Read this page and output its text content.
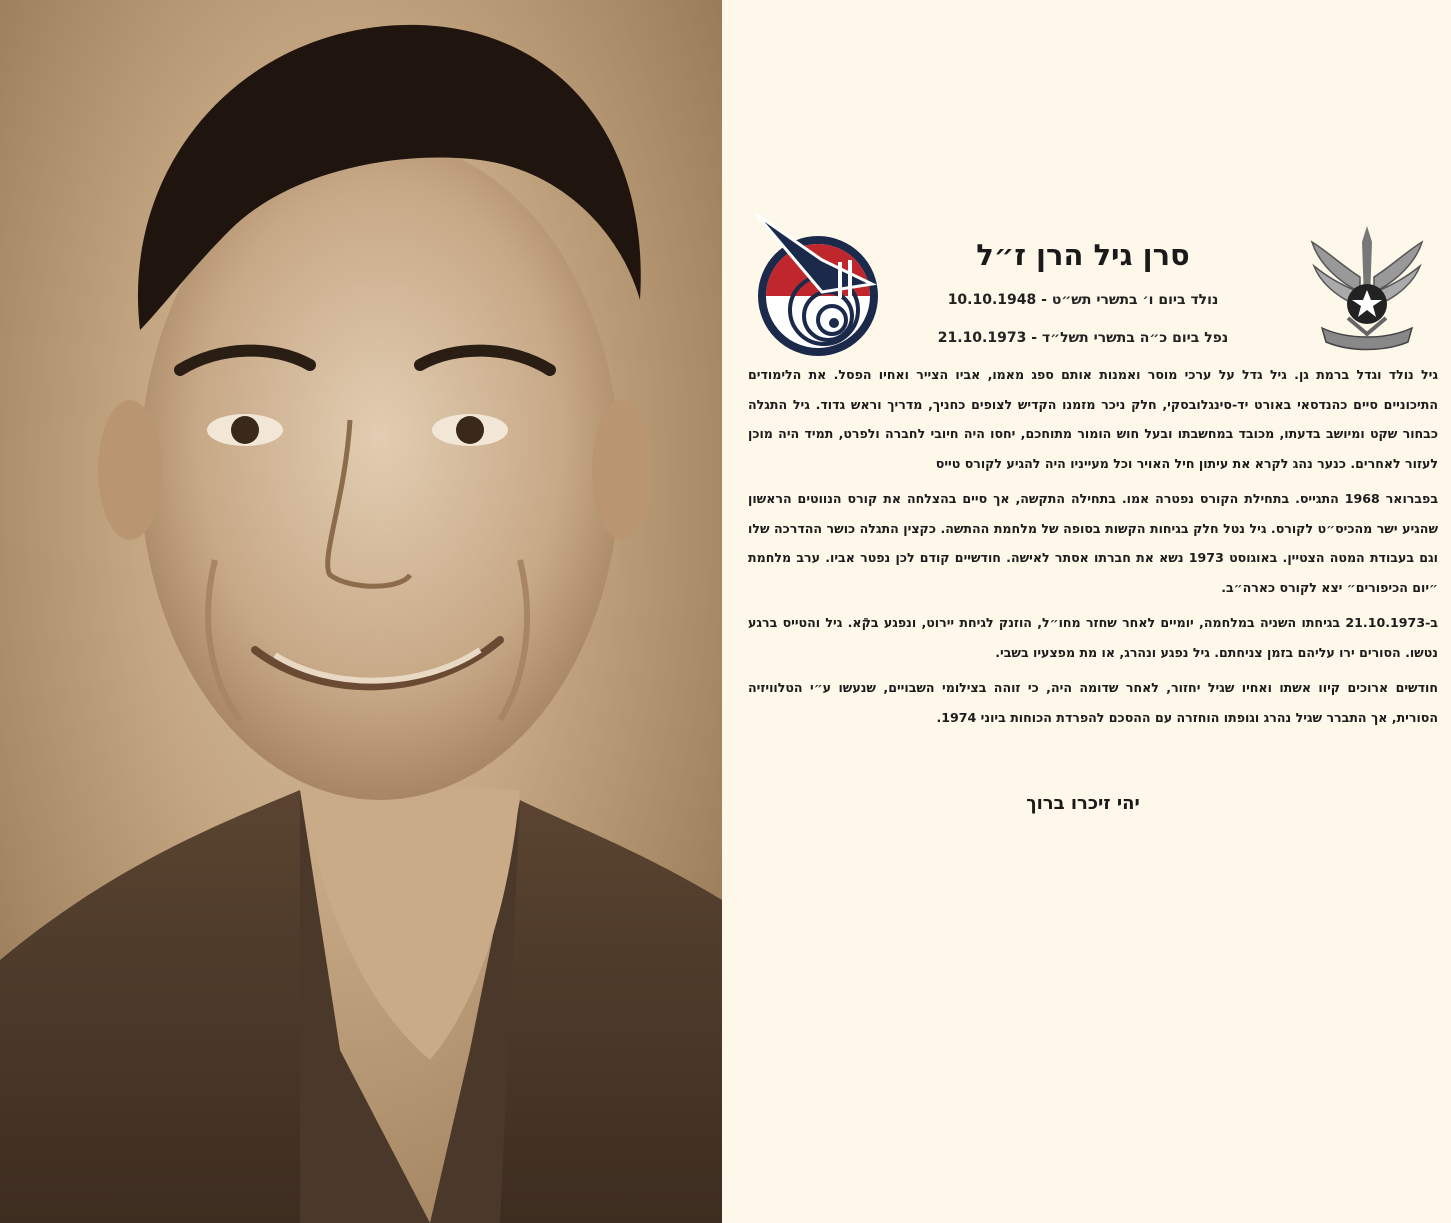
סרן גיל הרן ז״ל
נולד ביום ו׳ בתשרי תש״ט - 10.10.1948
נפל ביום כ״ה בתשרי תשל״ד - 21.10.1973

גיל נולד וגדל ברמת גן. גיל גדל על ערכי מוסר ואמנות אותם ספג מאמו, אביו הצייר ואחיו הפסל. את הלימודים התיכוניים סיים כהנדסאי באורט יד-סינגלובסקי, חלק ניכר מזמנו הקדיש לצופים כחניך, מדריך וראש גדוד. גיל התגלה כבחור שקט ומיושב בדעתו, מכובד במחשבתו ובעל חוש הומור מתוחכם, יחסו היה חיובי לחברה ולפרט, תמיד היה מוכן לעזור לאחרים. כנער נהג לקרא את עיתון חיל האויר וכל מעייניו היה להגיע לקורס טייס

בפברואר 1968 התגייס. בתחילת הקורס נפטרה אמו. בתחילה התקשה, אך סיים בהצלחה את קורס הנווטים הראשון שהגיע ישר מהכיס״ט לקורס. גיל נטל חלק בגיחות הקשות בסופה של מלחמת ההתשה. כקצין התגלה כושר ההדרכה שלו וגם בעבודת המטה הצטיין. באוגוסט 1973 נשא את חברתו אסתר לאישה. חודשיים קודם לכן נפטר אביו. ערב מלחמת ״יום הכיפורים״ יצא לקורס כארה״ב.

ב-21.10.1973 בגיחתו השניה במלחמה, יומיים לאחר שחזר מחו״ל, הוזנק לגיחת יירוט, ונפגע בקֿא. גיל והטייס ברגע נטשו. הסורים ירו עליהם בזמן צניחתם. גיל נפגע ונהרג, או מת מפצעיו בשבי.

חודשים ארוכים קיוו אשתו ואחיו שגיל יחזור, לאחר שדומה היה, כי זוהה בצילומי השבויים, שנעשו ע״י הטלוויזיה הסורית, אך התברר שגיל נהרג וגופתו הוחזרה עם ההסכם להפרדת הכוחות ביוני 1974.

יהי זיכרו ברוך
